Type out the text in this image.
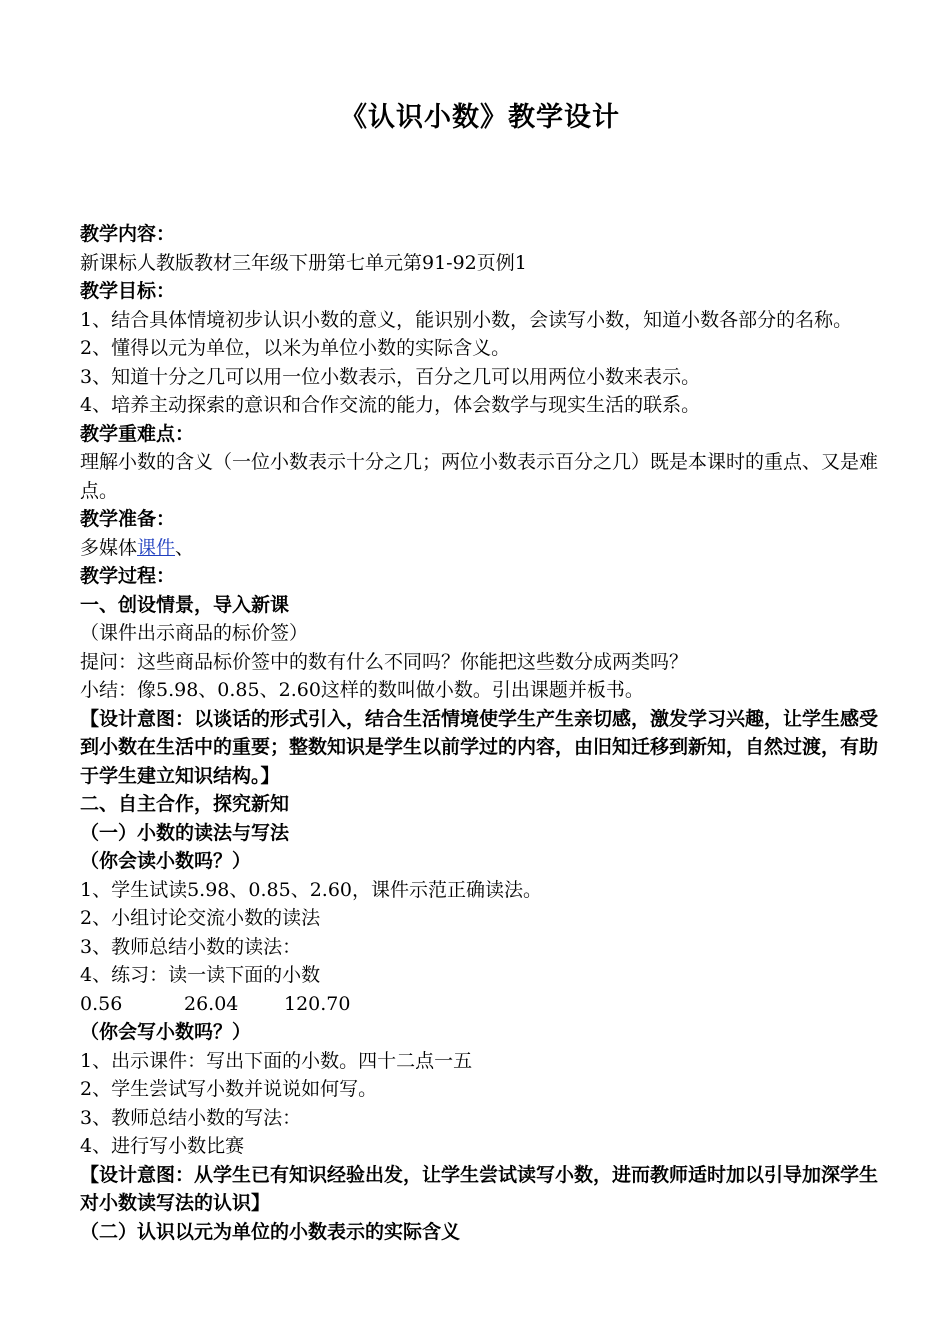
《认识小数》教学设计

教学内容：

新课标人教版教材三年级下册第七单元第91-92页例1

教学目标：

1、结合具体情境初步认识小数的意义，能识别小数，会读写小数，知道小数各部分的名称。

2、懂得以元为单位，以米为单位小数的实际含义。

3、知道十分之几可以用一位小数表示，百分之几可以用两位小数来表示。

4、培养主动探索的意识和合作交流的能力，体会数学与现实生活的联系。

教学重难点：

理解小数的含义（一位小数表示十分之几；两位小数表示百分之几）既是本课时的重点、又是难点。

教学准备：

多媒体课件、

教学过程：

一、创设情景，导入新课

（课件出示商品的标价签）

提问：这些商品标价签中的数有什么不同吗？你能把这些数分成两类吗？

小结：像5.98、0.85、2.60这样的数叫做小数。引出课题并板书。

【设计意图：以谈话的形式引入，结合生活情境使学生产生亲切感，激发学习兴趣，让学生感受到小数在生活中的重要；整数知识是学生以前学过的内容，由旧知迁移到新知，自然过渡，有助于学生建立知识结构。】

二、自主合作，探究新知

（一）小数的读法与写法

（你会读小数吗？）

1、学生试读5.98、0.85、2.60，课件示范正确读法。

2、小组讨论交流小数的读法

3、教师总结小数的读法：

4、练习：读一读下面的小数

0.56	26.04 120.70

（你会写小数吗？）

1、出示课件：写出下面的小数。四十二点一五

2、学生尝试写小数并说说如何写。

3、教师总结小数的写法：

4、进行写小数比赛

【设计意图：从学生已有知识经验出发，让学生尝试读写小数，进而教师适时加以引导加深学生对小数读写法的认识】

（二）认识以元为单位的小数表示的实际含义
